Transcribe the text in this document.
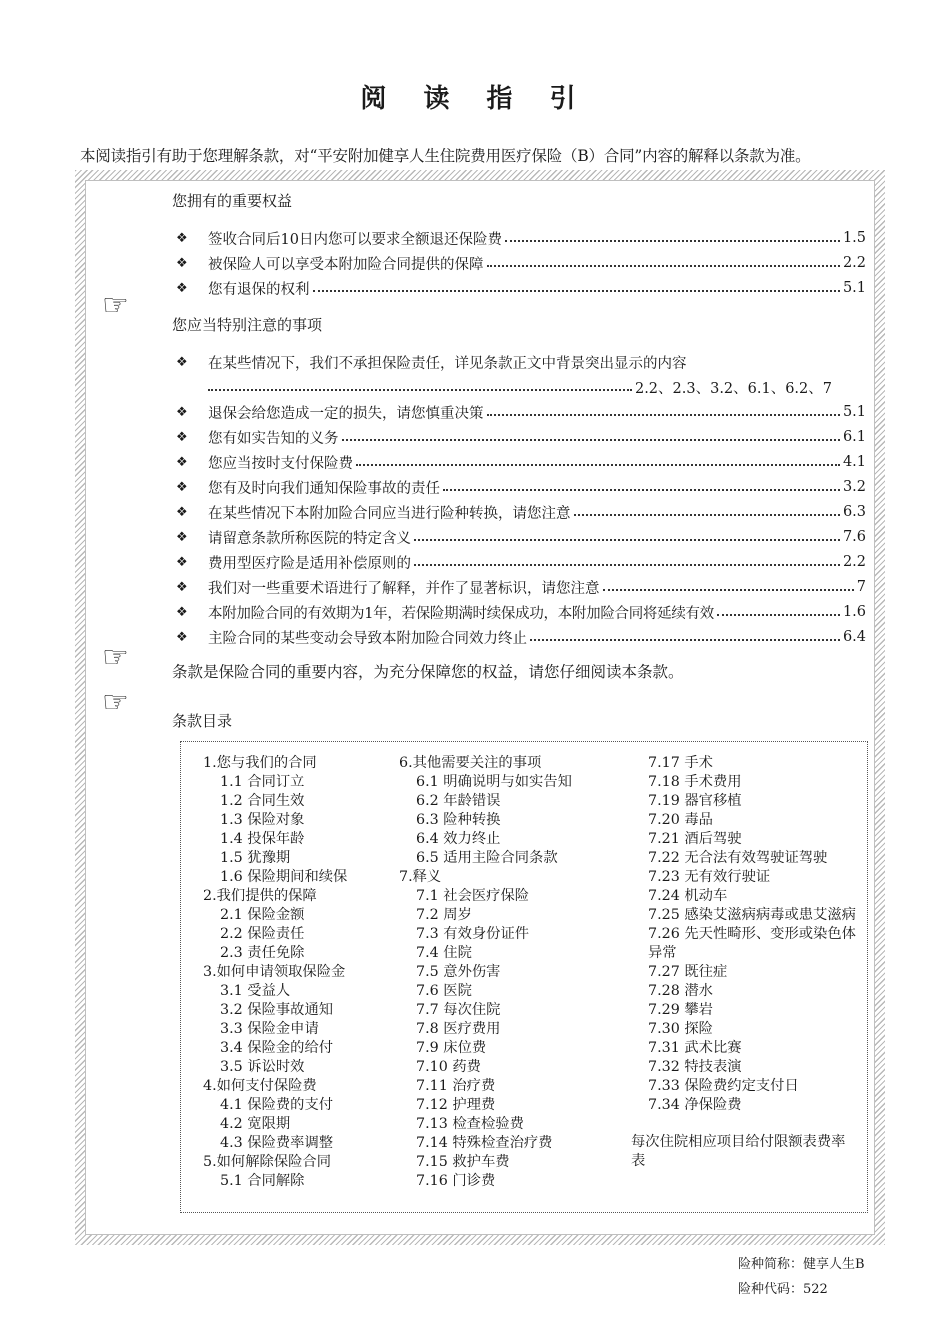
阅 读 指 引
本阅读指引有助于您理解条款，对“平安附加健享人生住院费用医疗保险（B）合同”内容的解释以条款为准。
您拥有的重要权益
❖	签收合同后10日内您可以要求全额退还保险费	1.5
❖	被保险人可以享受本附加险合同提供的保障	2.2
❖	您有退保的权利	5.1
☞
您应当特别注意的事项
❖	在某些情况下，我们不承担保险责任，详见条款正文中背景突出显示的内容
2.2、2.3、3.2、6.1、6.2、7
❖	退保会给您造成一定的损失，请您慎重决策	5.1
❖	您有如实告知的义务	6.1
❖	您应当按时支付保险费	4.1
❖	您有及时向我们通知保险事故的责任	3.2
❖	在某些情况下本附加险合同应当进行险种转换，请您注意	6.3
❖	请留意条款所称医院的特定含义	7.6
❖	费用型医疗险是适用补偿原则的	2.2
❖	我们对一些重要术语进行了解释，并作了显著标识，请您注意	7
❖	本附加险合同的有效期为1年，若保险期满时续保成功，本附加险合同将延续有效	1.6
❖	主险合同的某些变动会导致本附加险合同效力终止	6.4
☞	条款是保险合同的重要内容，为充分保障您的权益，请您仔细阅读本条款。
☞
条款目录
1.您与我们的合同
1.1 合同订立
1.2 合同生效
1.3 保险对象
1.4 投保年龄
1.5 犹豫期
1.6 保险期间和续保
2.我们提供的保障
2.1 保险金额
2.2 保险责任
2.3 责任免除
3.如何申请领取保险金
3.1 受益人
3.2 保险事故通知
3.3 保险金申请
3.4 保险金的给付
3.5 诉讼时效
4.如何支付保险费
4.1 保险费的支付
4.2 宽限期
4.3 保险费率调整
5.如何解除保险合同
5.1 合同解除
6.其他需要关注的事项
6.1 明确说明与如实告知
6.2 年龄错误
6.3 险种转换
6.4 效力终止
6.5 适用主险合同条款
7.释义
7.1 社会医疗保险
7.2 周岁
7.3 有效身份证件
7.4 住院
7.5 意外伤害
7.6 医院
7.7 每次住院
7.8 医疗费用
7.9 床位费
7.10 药费
7.11 治疗费
7.12 护理费
7.13 检查检验费
7.14 特殊检查治疗费
7.15 救护车费
7.16 门诊费
7.17 手术
7.18 手术费用
7.19 器官移植
7.20 毒品
7.21 酒后驾驶
7.22 无合法有效驾驶证驾驶
7.23 无有效行驶证
7.24 机动车
7.25 感染艾滋病病毒或患艾滋病
7.26 先天性畸形、变形或染色体异常
7.27 既往症
7.28 潜水
7.29 攀岩
7.30 探险
7.31 武术比赛
7.32 特技表演
7.33 保险费约定支付日
7.34 净保险费
每次住院相应项目给付限额表费率表
险种简称：健享人生B
险种代码：522
